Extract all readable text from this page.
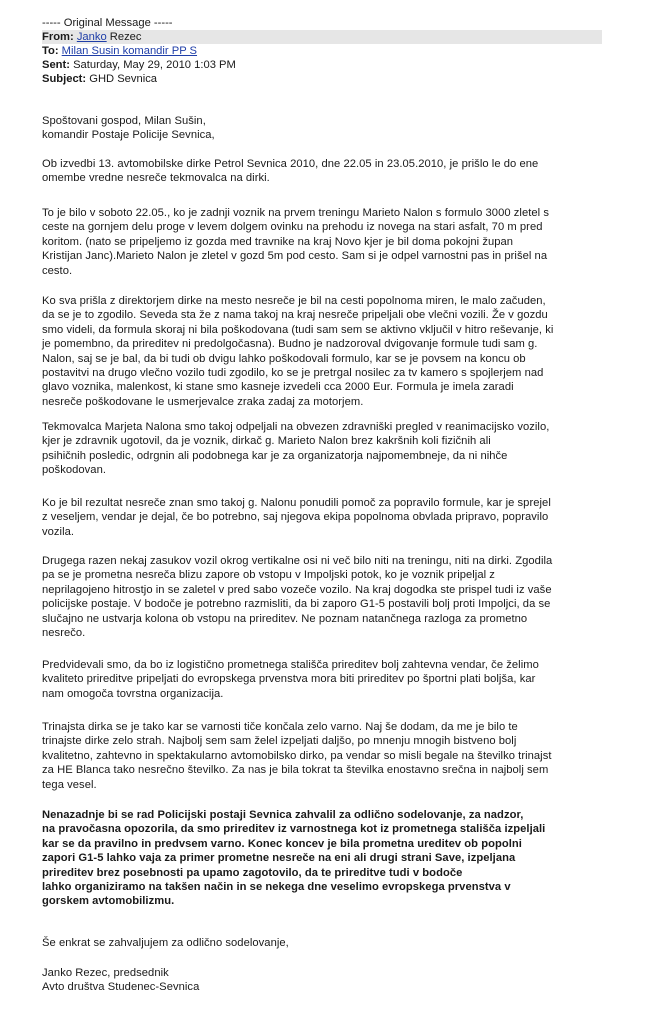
----- Original Message -----
From: Janko Rezec
To: Milan Susin komandir PP S
Sent: Saturday, May 29, 2010 1:03 PM
Subject: GHD Sevnica
Spoštovani gospod, Milan Sušin,
komandir Postaje Policije Sevnica,
Ob izvedbi 13. avtomobilske dirke Petrol Sevnica 2010, dne 22.05 in 23.05.2010, je prišlo le do ene
omembe vredne nesreče tekmovalca na dirki.
To je bilo v soboto 22.05., ko je zadnji voznik na prvem treningu Marieto Nalon s formulo 3000 zletel s
ceste na gornjem delu proge v levem dolgem ovinku na prehodu iz novega na stari asfalt, 70 m pred
koritom. (nato se pripeljemo iz gozda med travnike na kraj Novo kjer je bil doma pokojni župan
Kristijan Janc).Marieto Nalon je zletel v gozd 5m pod cesto. Sam si je odpel varnostni pas in prišel na
cesto.
Ko sva prišla z direktorjem dirke na mesto nesreče je bil na cesti popolnoma miren, le malo začuden,
da se je to zgodilo. Seveda sta že z nama takoj na kraj nesreče pripeljali obe vlečni vozili. Že v gozdu
smo videli, da formula skoraj ni bila poškodovana (tudi sam sem se aktivno vključil v hitro reševanje, ki
je pomembno, da prireditev ni predolgočasna). Budno je nadzoroval dvigovanje formule tudi sam g.
Nalon, saj se je bal, da bi tudi ob dvigu lahko poškodovali formulo, kar se je povsem na koncu ob
postavitvi na drugo vlečno vozilo tudi zgodilo, ko se je pretrgal nosilec za tv kamero s spojlerjem nad
glavo voznika, malenkost, ki stane smo kasneje izvedeli cca 2000 Eur. Formula je imela zaradi
nesreče poškodovane le usmerjevalce zraka zadaj za motorjem.
Tekmovalca Marjeta Nalona smo takoj odpeljali na obvezen zdravniški pregled v reanimacijsko vozilo,
kjer je zdravnik ugotovil, da je voznik, dirkač g. Marieto Nalon brez kakršnih koli fizičnih ali
psihičnih posledic, odrgnin ali podobnega kar je za organizatorja najpomembneje, da ni nihče
poškodovan.
Ko je bil rezultat nesreče znan smo takoj g. Nalonu ponudili pomoč za popravilo formule, kar je sprejel
z veseljem, vendar je dejal, če bo potrebno, saj njegova ekipa popolnoma obvlada pripravo, popravilo
vozila.
Drugega razen nekaj zasukov vozil okrog vertikalne osi ni več bilo niti na treningu, niti na dirki. Zgodila
pa se je prometna nesreča blizu zapore ob vstopu v Impoljski potok, ko je voznik pripeljal z
neprilagojeno hitrostjo in se zaletel v pred sabo vozeče vozilo. Na kraj dogodka ste prispel tudi iz vaše
policijske postaje. V bodoče je potrebno razmisliti, da bi zaporo G1-5 postavili bolj proti Impoljci, da se
slučajno ne ustvarja kolona ob vstopu na prireditev. Ne poznam natančnega razloga za prometno
nesrečo.
Predvidevali smo, da bo iz logistično prometnega stališča prireditev bolj zahtevna vendar, če želimo
kvaliteto prireditve pripeljati do evropskega prvenstva mora biti prireditev po športni plati boljša, kar
nam omogoča tovrstna organizacija.
Trinajsta dirka se je tako kar se varnosti tiče končala zelo varno. Naj še dodam, da me je bilo te
trinajste dirke zelo strah. Najbolj sem sam želel izpeljati daljšo, po mnenju mnogih bistveno bolj
kvalitetno, zahtevno in spektakularno avtomobilsko dirko, pa vendar so misli begale na številko trinajst
za HE Blanca tako nesrečno številko. Za nas je bila tokrat ta številka enostavno srečna in najbolj sem
tega vesel.
Nenazadnje bi se rad Policijski postaji Sevnica zahvalil za odlično sodelovanje, za nadzor,
na pravočasna opozorila, da smo prireditev iz varnostnega kot iz prometnega stališča izpeljali
kar se da pravilno in predvsem varno. Konec koncev je bila prometna ureditev ob popolni
zapori G1-5 lahko vaja za primer prometne nesreče na eni ali drugi strani Save, izpeljana
prireditev brez posebnosti pa upamo zagotovilo, da te prireditve tudi v bodoče
lahko organiziramo na takšen način in se nekega dne veselimo evropskega prvenstva v
gorskem avtomobilizmu.
Še enkrat se zahvaljujem za odlično sodelovanje,
Janko Rezec, predsednik
Avto društva Studenec-Sevnica
